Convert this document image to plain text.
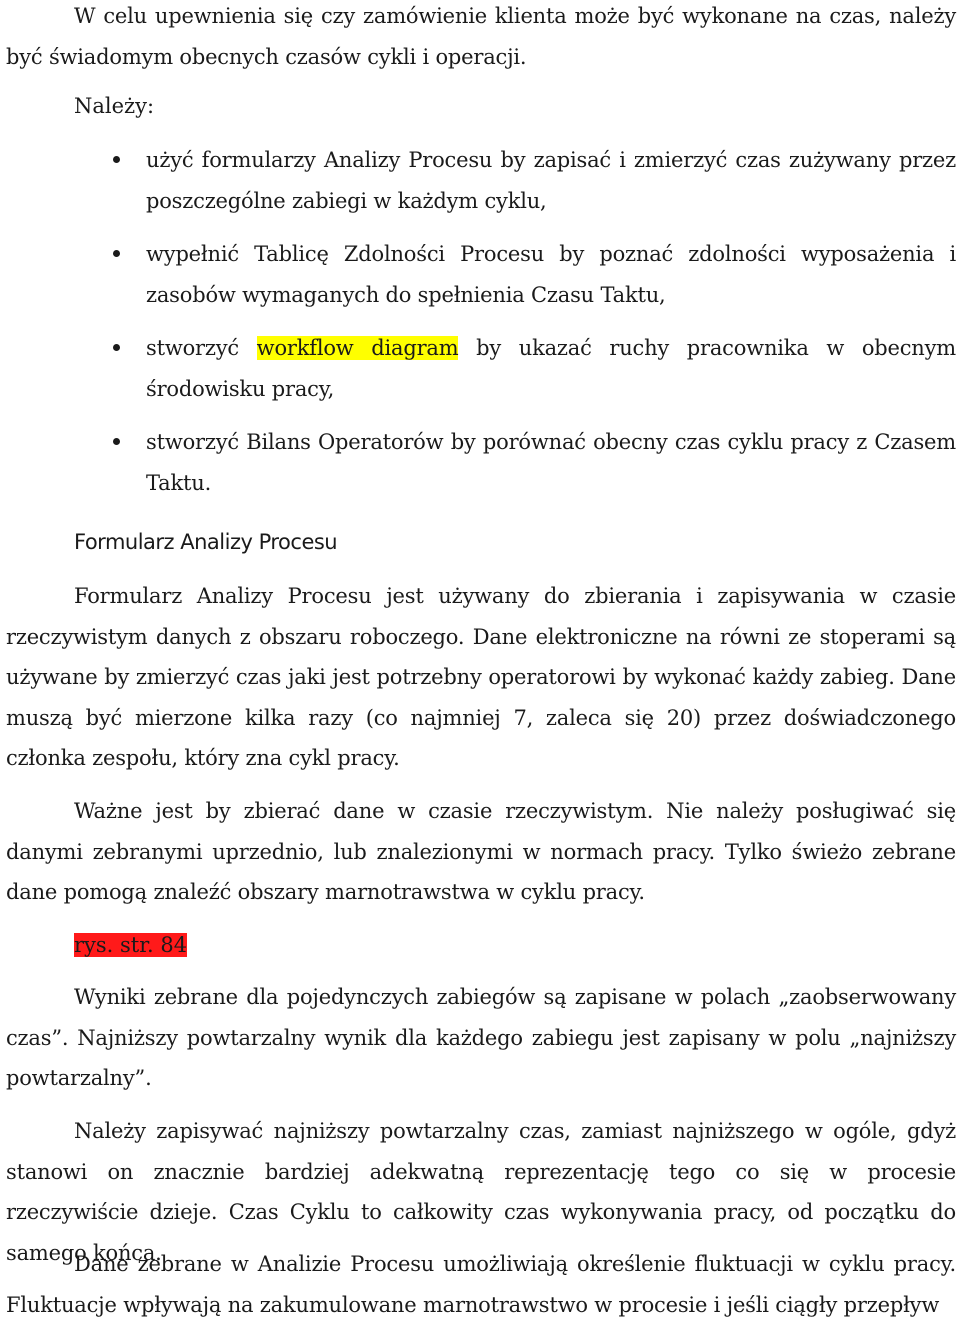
W celu upewnienia się czy zamówienie klienta może być wykonane na czas, należy być świadomym obecnych czasów cykli i operacji.

Należy:

użyć formularzy Analizy Procesu by zapisać i zmierzyć czas zużywany przez poszczególne zabiegi w każdym cyklu,
wypełnić Tablicę Zdolności Procesu by poznać zdolności wyposażenia i zasobów wymaganych do spełnienia Czasu Taktu,
stworzyć workflow diagram by ukazać ruchy pracownika w obecnym środowisku pracy,
stworzyć Bilans Operatorów by porównać obecny czas cyklu pracy z Czasem Taktu.
Formularz Analizy Procesu

Formularz Analizy Procesu jest używany do zbierania i zapisywania w czasie rzeczywistym danych z obszaru roboczego. Dane elektroniczne na równi ze stoperami są używane by zmierzyć czas jaki jest potrzebny operatorowi by wykonać każdy zabieg. Dane muszą być mierzone kilka razy (co najmniej 7, zaleca się 20) przez doświadczonego członka zespołu, który zna cykl pracy.

Ważne jest by zbierać dane w czasie rzeczywistym. Nie należy posługiwać się danymi zebranymi uprzednio, lub znalezionymi w normach pracy. Tylko świeżo zebrane dane pomogą znaleźć obszary marnotrawstwa w cyklu pracy.

rys. str. 84

Wyniki zebrane dla pojedynczych zabiegów są zapisane w polach „zaobserwowany czas”. Najniższy powtarzalny wynik dla każdego zabiegu jest zapisany w polu „najniższy powtarzalny”.

Należy zapisywać najniższy powtarzalny czas, zamiast najniższego w ogóle, gdyż stanowi on znacznie bardziej adekwatną reprezentację tego co się w procesie rzeczywiście dzieje. Czas Cyklu to całkowity czas wykonywania pracy, od początku do samego końca.

Dane zebrane w Analizie Procesu umożliwiają określenie fluktuacji w cyklu pracy. Fluktuacje wpływają na zakumulowane marnotrawstwo w procesie i jeśli ciągły przepływ
